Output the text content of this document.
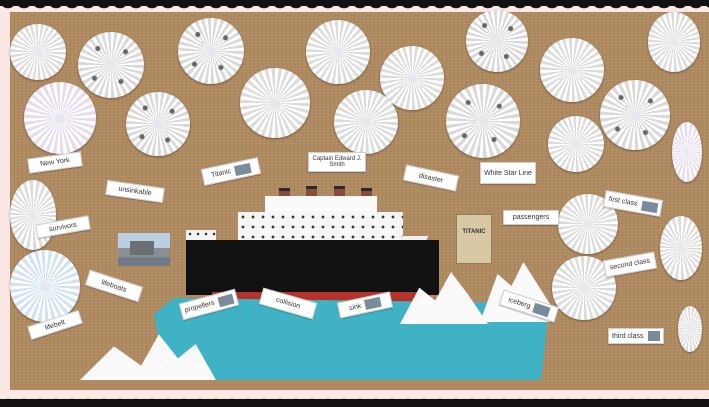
TITANIC
New York
unsinkable
Titanic
Captain Edward J. Smith
disaster	White Star Line
passengers
first class
survivors
lifeboats
lifebelt
propellers	collision	sink	iceberg
second class
third class
